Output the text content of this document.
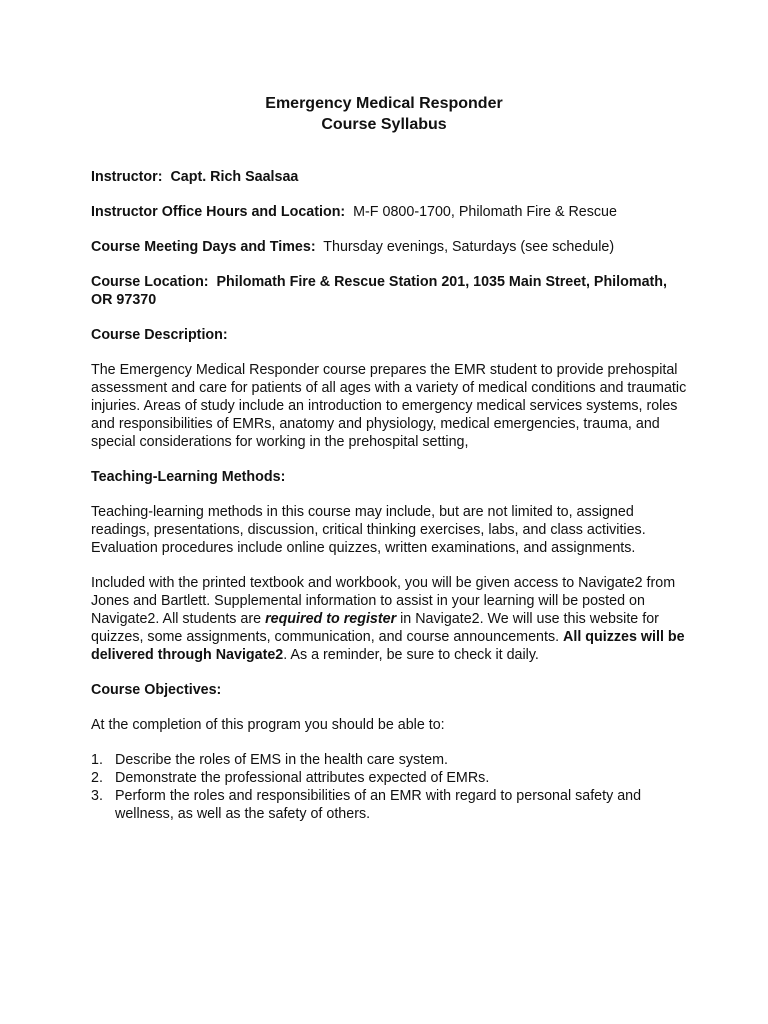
Emergency Medical Responder
Course Syllabus
Instructor: Capt. Rich Saalsaa
Instructor Office Hours and Location: M-F 0800-1700, Philomath Fire & Rescue
Course Meeting Days and Times: Thursday evenings, Saturdays (see schedule)
Course Location: Philomath Fire & Rescue Station 201, 1035 Main Street, Philomath, OR 97370
Course Description:

The Emergency Medical Responder course prepares the EMR student to provide prehospital assessment and care for patients of all ages with a variety of medical conditions and traumatic injuries. Areas of study include an introduction to emergency medical services systems, roles and responsibilities of EMRs, anatomy and physiology, medical emergencies, trauma, and special considerations for working in the prehospital setting,

Teaching-Learning Methods:

Teaching-learning methods in this course may include, but are not limited to, assigned readings, presentations, discussion, critical thinking exercises, labs, and class activities. Evaluation procedures include online quizzes, written examinations, and assignments.

Included with the printed textbook and workbook, you will be given access to Navigate2 from Jones and Bartlett. Supplemental information to assist in your learning will be posted on Navigate2. All students are required to register in Navigate2. We will use this website for quizzes, some assignments, communication, and course announcements. All quizzes will be delivered through Navigate2. As a reminder, be sure to check it daily.

Course Objectives:

At the completion of this program you should be able to:

1. Describe the roles of EMS in the health care system.
2. Demonstrate the professional attributes expected of EMRs.
3. Perform the roles and responsibilities of an EMR with regard to personal safety and wellness, as well as the safety of others.
